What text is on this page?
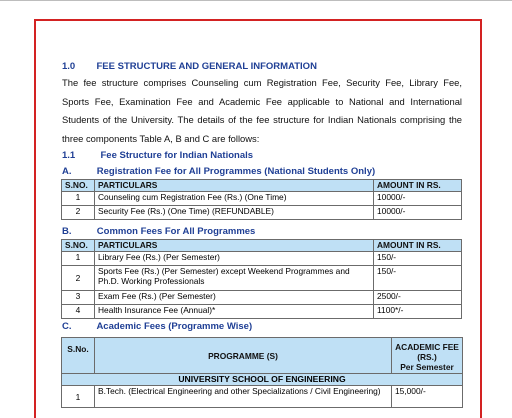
1.0 FEE STRUCTURE AND GENERAL INFORMATION
The fee structure comprises Counseling cum Registration Fee, Security Fee, Library Fee, Sports Fee, Examination Fee and Academic Fee applicable to National and International Students of the University. The details of the fee structure for Indian Nationals comprising the three components Table A, B and C are follows:
1.1	Fee Structure for Indian Nationals
A.	Registration Fee for All Programmes (National Students Only)
S.NO.	PARTICULARS	AMOUNT IN RS.
1	Counseling cum Registration Fee (Rs.) (One Time)	10000/-
2	Security Fee (Rs.) (One Time) (REFUNDABLE)	10000/-
B.	Common Fees For All Programmes
S.NO.	PARTICULARS	AMOUNT IN RS.
1	Library Fee (Rs.) (Per Semester)	150/-
2	Sports Fee (Rs.) (Per Semester) except Weekend Programmes and Ph.D. Working Professionals	150/-
3	Exam Fee (Rs.) (Per Semester)	2500/-
4	Health Insurance Fee (Annual)*	1100*/-
C.	Academic Fees (Programme Wise)
S.No.	PROGRAMME (S)	ACADEMIC FEE (RS.)
Per Semester

UNIVERSITY SCHOOL OF ENGINEERING		
1	B.Tech. (Electrical Engineering and other Specializations / Civil Engineering)	15,000/-
